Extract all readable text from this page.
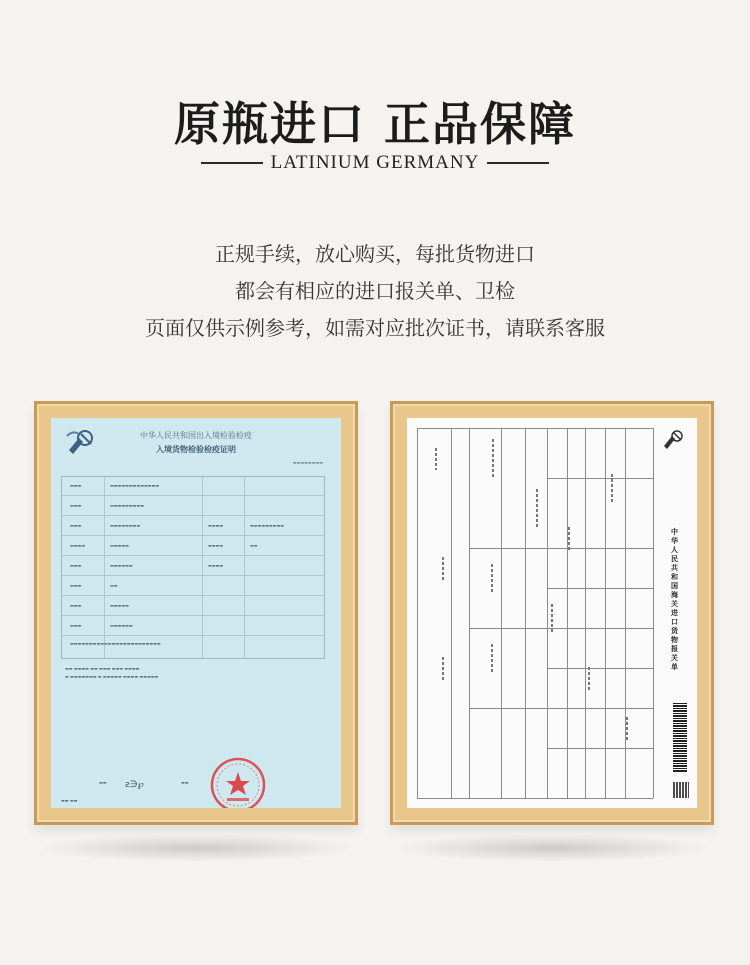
原瓶进口 正品保障
LATINIUM GERMANY
正规手续，放心购买，每批货物进口
都会有相应的进口报关单、卫检
页面仅供示例参考，如需对应批次证书，请联系客服
中华人民共和国出入境检验检疫
入境货物检验检疫证明
▬▬▬▬▬▬▬▬
▬▬▬	▬▬▬▬▬▬▬▬▬▬▬▬▬
▬▬▬	▬▬▬▬▬▬▬▬▬
▬▬▬	▬▬▬▬▬▬▬▬	▬▬▬▬	▬▬▬▬▬▬▬▬▬
▬▬▬▬	▬▬▬▬▬	▬▬▬▬	▬▬
▬▬▬	▬▬▬▬▬▬	▬▬▬▬
▬▬▬	▬▬
▬▬▬	▬▬▬▬▬
▬▬▬	▬▬▬▬▬▬
▬▬▬▬▬▬▬▬▬▬▬▬▬▬▬▬▬▬▬▬▬▬▬▬
▬▬ ▬▬▬▬ ▬▬ ▬▬▬ ▬▬▬ ▬▬▬▬
▬ ▬▬▬▬▬▬▬ ▬ ▬▬▬▬▬ ▬▬▬▬ ▬▬▬▬▬
▬▬ ƨ∋℘	▬▬
▬▬ ▬▬
中华人民共和国海关进口货物报关单
